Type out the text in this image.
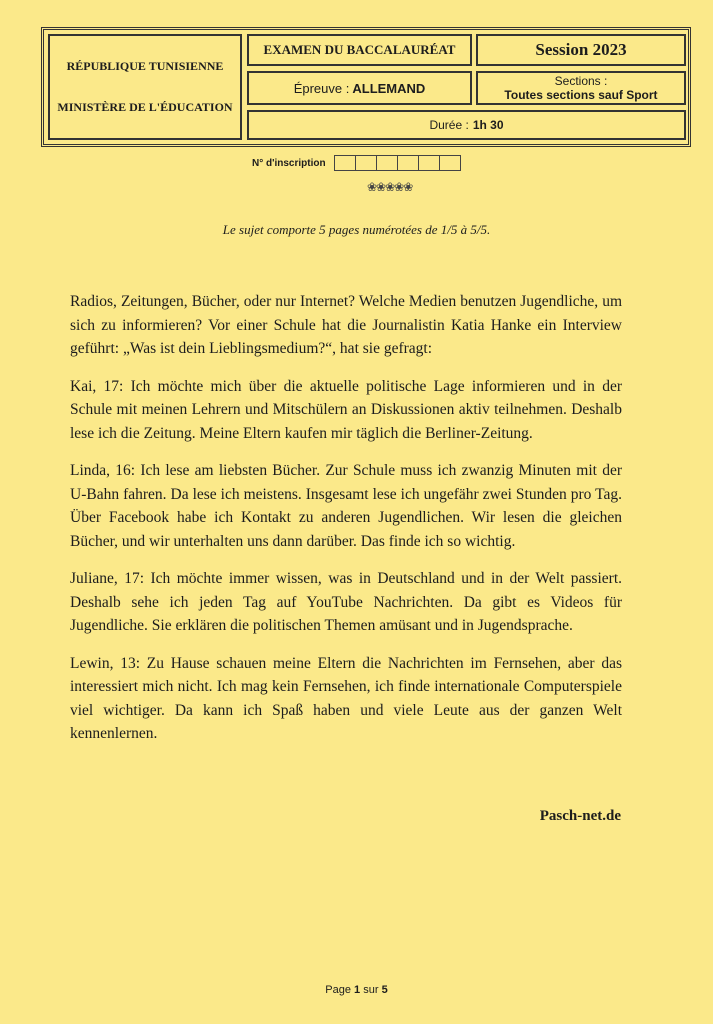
RÉPUBLIQUE TUNISIENNE
MINISTÈRE DE L'ÉDUCATION
EXAMEN DU BACCALAURÉAT	Session 2023
Épreuve : ALLEMAND	Sections :
Toutes sections sauf Sport
Durée : 1h 30
N° d'inscription
❀❀❀❀❀
Le sujet comporte 5 pages numérotées de 1/5 à 5/5.

Radios, Zeitungen, Bücher, oder nur Internet? Welche Medien benutzen Jugendliche, um sich zu informieren? Vor einer Schule hat die Journalistin Katia Hanke ein Interview geführt: „Was ist dein Lieblingsmedium?“, hat sie gefragt:

Kai, 17: Ich möchte mich über die aktuelle politische Lage informieren und in der Schule mit meinen Lehrern und Mitschülern an Diskussionen aktiv teilnehmen. Deshalb lese ich die Zeitung. Meine Eltern kaufen mir täglich die Berliner-Zeitung.

Linda, 16: Ich lese am liebsten Bücher. Zur Schule muss ich zwanzig Minuten mit der U-Bahn fahren. Da lese ich meistens. Insgesamt lese ich ungefähr zwei Stunden pro Tag. Über Facebook habe ich Kontakt zu anderen Jugendlichen. Wir lesen die gleichen Bücher, und wir unterhalten uns dann darüber. Das finde ich so wichtig.

Juliane, 17: Ich möchte immer wissen, was in Deutschland und in der Welt passiert. Deshalb sehe ich jeden Tag auf YouTube Nachrichten. Da gibt es Videos für Jugendliche. Sie erklären die politischen Themen amüsant und in Jugendsprache.

Lewin, 13: Zu Hause schauen meine Eltern die Nachrichten im Fernsehen, aber das interessiert mich nicht. Ich mag kein Fernsehen, ich finde internationale Computerspiele viel wichtiger. Da kann ich Spaß haben und viele Leute aus der ganzen Welt kennenlernen.

Pasch-net.de
Page 1 sur 5
